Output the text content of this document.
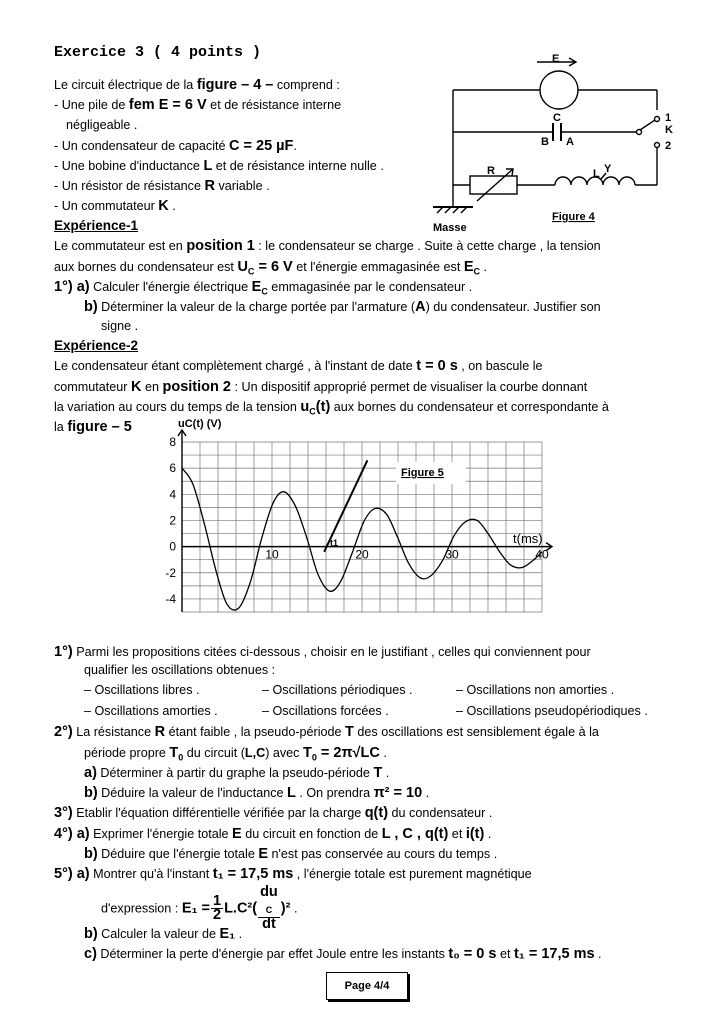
Exercice 3 ( 4 points )
Le circuit électrique de la figure – 4 – comprend :
- Une pile de fem E = 6 V et de résistance interne
négligeable .
- Un condensateur de capacité C = 25 µF.
- Une bobine d'inductance L et de résistance interne nulle .
- Un résistor de résistance R variable .
- Un commutateur K .
E
C
B A
1
K
2
R	L Y
Masse
Figure 4
Expérience-1
Le commutateur est en position 1 : le condensateur se charge . Suite à cette charge , la tension
aux bornes du condensateur est $U_C = 6$ V et l'énergie emmagasinée est $E_C$ .
1°) a) Calculer l'énergie électrique $E_C$ emmagasinée par le condensateur .
b) Déterminer la valeur de la charge portée par l'armature (A) du condensateur. Justifier son
signe .
Expérience-2
Le condensateur étant complètement chargé , à l'instant de date t = 0 s , on bascule le
commutateur K en position 2 : Un dispositif approprié permet de visualiser la courbe donnant
la variation au cours du temps de la tension $u_C(t)$ aux bornes du condensateur et correspondante à
la figure – 5
8
6
4
2
0
-2
-4
10	20	30	40
Figure 5
uC(t) (V)
t(ms)
t1
1°) Parmi les propositions citées ci-dessous , choisir en le justifiant , celles qui conviennent pour
qualifier les oscillations obtenues :
– Oscillations libres .	– Oscillations périodiques .	– Oscillations non amorties .
– Oscillations amorties .	– Oscillations forcées .	– Oscillations pseudopériodiques .
2°) La résistance R étant faible , la pseudo-période T des oscillations est sensiblement égale à la
période propre $T_0$ du circuit (L,C) avec $T_0 = 2\pi√LC$ .
a) Déterminer à partir du graphe la pseudo-période T .
b) Déduire la valeur de l'inductance L . On prendra π² = 10 .
3°) Etablir l'équation différentielle vérifiée par la charge q(t) du condensateur .
4°) a) Exprimer l'énergie totale E du circuit en fonction de L , C , q(t) et i(t) .
b) Déduire que l'énergie totale E n'est pas conservée au cours du temps .
5°) a) Montrer qu'à l'instant t₁ = 17,5 ms , l'énergie totale est purement magnétique
d'expression : $E_1 = \frac{1}{2} L.C^2$( du
$_C$
dt )² .
b) Calculer la valeur de E₁ .
c) Déterminer la perte d'énergie par effet Joule entre les instants t₀ = 0 s et t₁ = 17,5 ms .
Page 4/4
